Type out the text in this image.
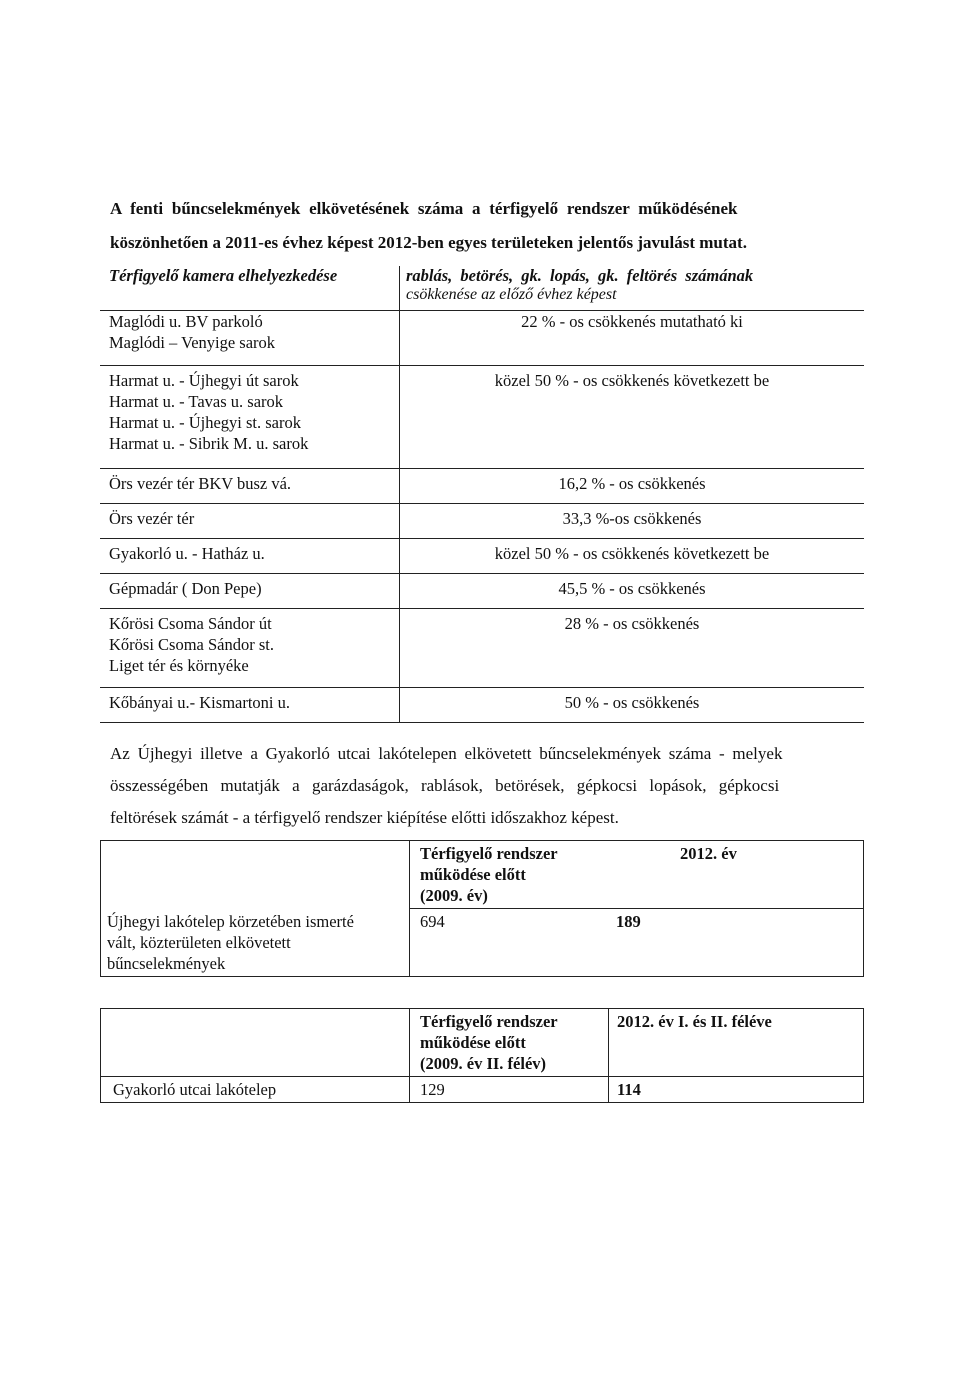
A fenti bűncselekmények elkövetésének száma a térfigyelő rendszer működésének
köszönhetően a 2011-es évhez képest 2012-ben egyes területeken jelentős javulást mutat.
Térfigyelő kamera elhelyezkedése	rablás, betörés, gk. lopás, gk. feltörés számának
csökkenése az előző évhez képest

Maglódi u. BV parkoló
Maglódi – Venyige sarok	22 % - os csökkenés mutatható ki

Harmat u. - Újhegyi út sarok
Harmat u. - Tavas u. sarok
Harmat u. - Újhegyi st. sarok
Harmat u. - Sibrik M. u. sarok	közel 50 % - os csökkenés következett be

Örs vezér tér BKV busz vá.	16,2 % - os csökkenés

Örs vezér tér	33,3 %-os csökkenés

Gyakorló u. - Hatház u.	közel 50 % - os csökkenés következett be

Gépmadár ( Don Pepe)	45,5 % - os csökkenés

Kőrösi Csoma Sándor út
Kőrösi Csoma Sándor st.
Liget tér és környéke	28 % - os csökkenés

Kőbányai u.- Kismartoni u.	50 % - os csökkenés
Az Újhegyi illetve a Gyakorló utcai lakótelepen elkövetett bűncselekmények száma - melyek
összességében mutatják a garázdaságok, rablások, betörések, gépkocsi lopások, gépkocsi
feltörések számát - a térfigyelő rendszer kiépítése előtti időszakhoz képest.

	Térfigyelő rendszer
működése előtt
(2009. év)	2012. év

Újhegyi lakótelep körzetében ismerté
vált, közterületen elkövetett
bűncselekmények	694	189

	Térfigyelő rendszer
működése előtt
(2009. év II. félév)	2012. év I. és II. féléve
Gyakorló utcai lakótelep	129	114
